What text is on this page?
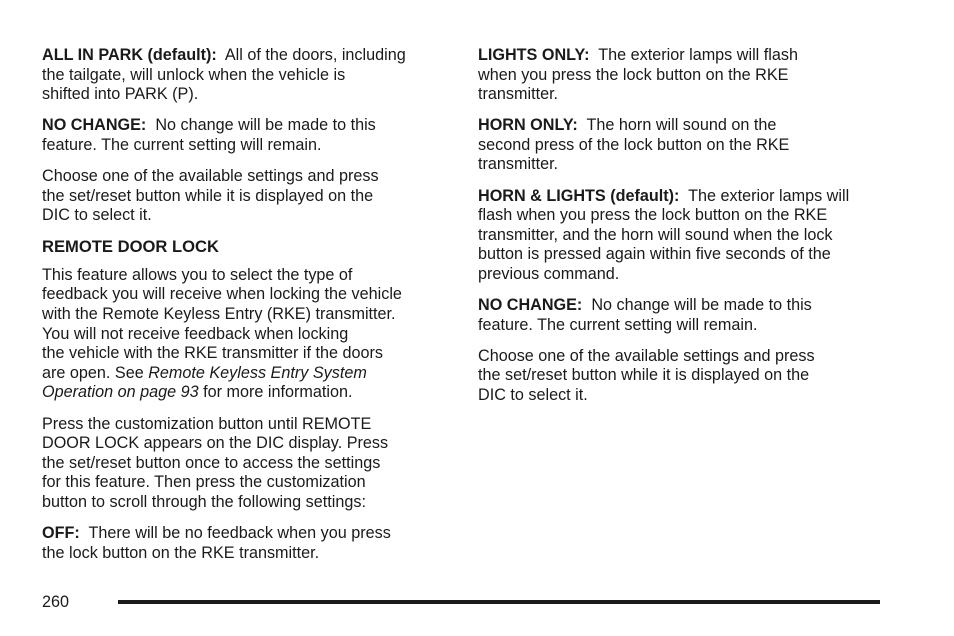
ALL IN PARK (default): All of the doors, including
the tailgate, will unlock when the vehicle is
shifted into PARK (P).

NO CHANGE: No change will be made to this
feature. The current setting will remain.

Choose one of the available settings and press
the set/reset button while it is displayed on the
DIC to select it.

REMOTE DOOR LOCK

This feature allows you to select the type of
feedback you will receive when locking the vehicle
with the Remote Keyless Entry (RKE) transmitter.
You will not receive feedback when locking
the vehicle with the RKE transmitter if the doors
are open. See Remote Keyless Entry System
Operation on page 93 for more information.

Press the customization button until REMOTE
DOOR LOCK appears on the DIC display. Press
the set/reset button once to access the settings
for this feature. Then press the customization
button to scroll through the following settings:

OFF: There will be no feedback when you press
the lock button on the RKE transmitter.

LIGHTS ONLY: The exterior lamps will flash
when you press the lock button on the RKE
transmitter.

HORN ONLY: The horn will sound on the
second press of the lock button on the RKE
transmitter.

HORN & LIGHTS (default): The exterior lamps will
flash when you press the lock button on the RKE
transmitter, and the horn will sound when the lock
button is pressed again within five seconds of the
previous command.

NO CHANGE: No change will be made to this
feature. The current setting will remain.

Choose one of the available settings and press
the set/reset button while it is displayed on the
DIC to select it.

260
